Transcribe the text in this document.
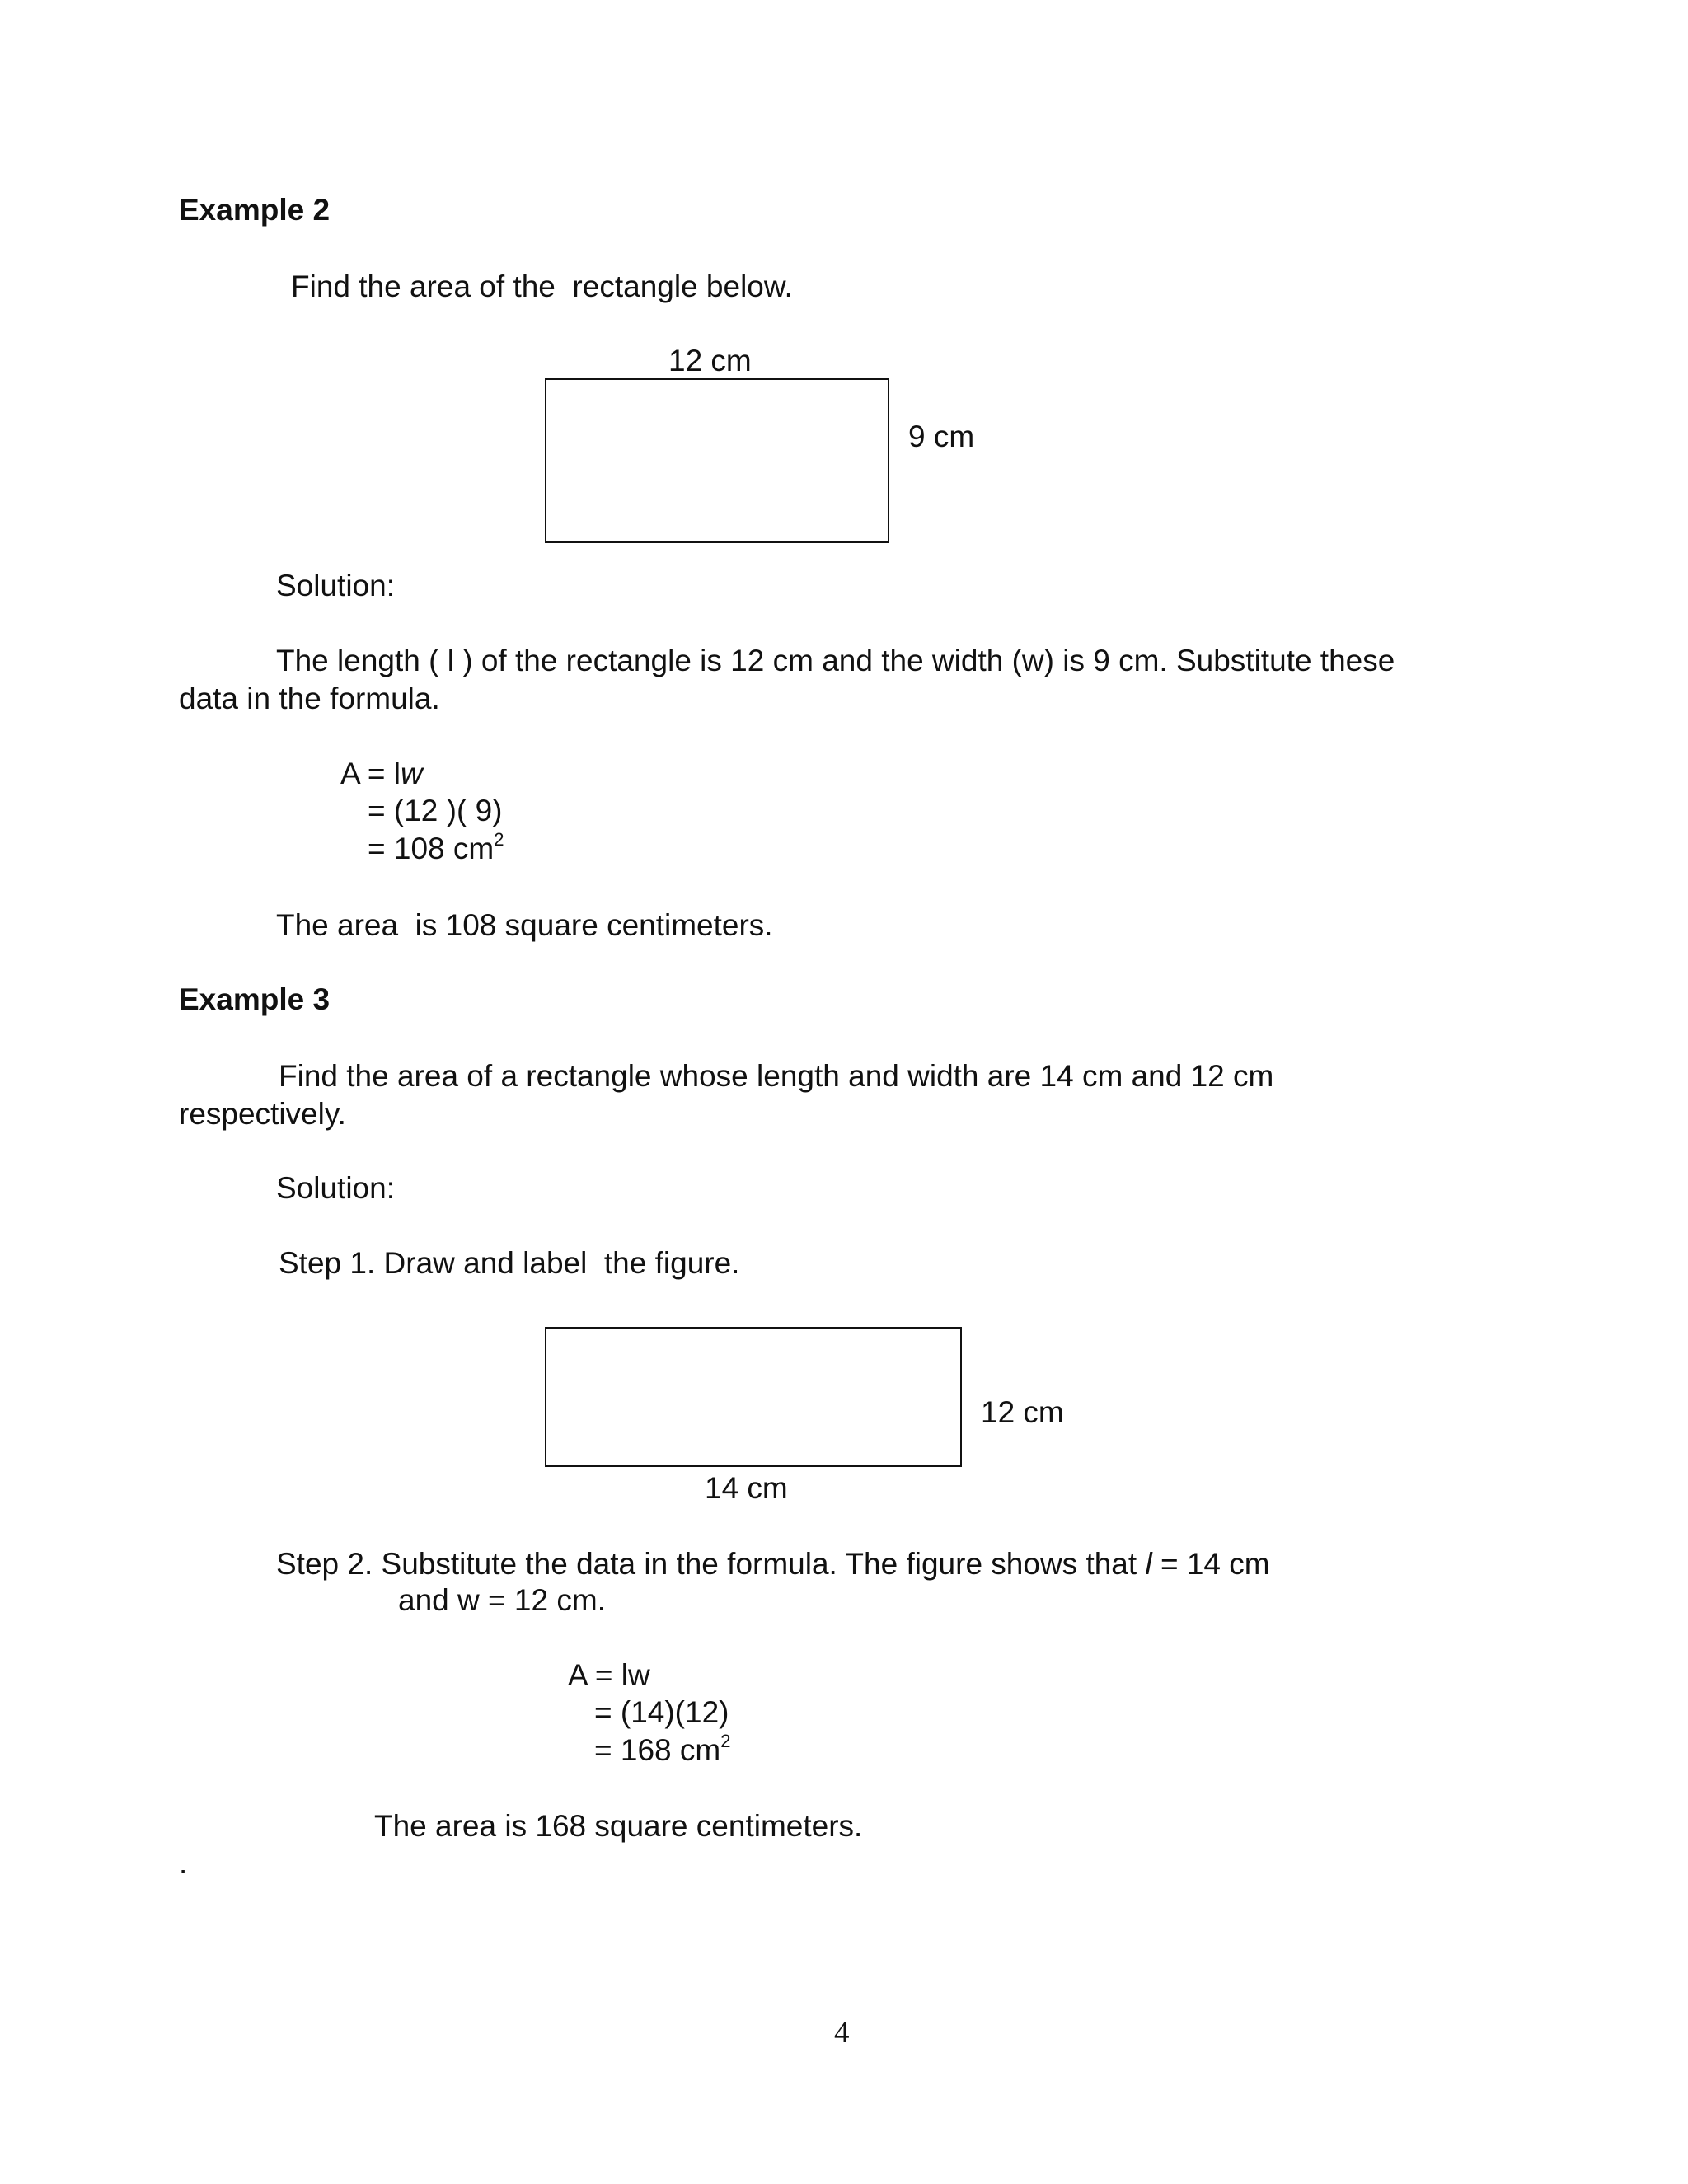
Example 2

Find the area of the  rectangle below.

12 cm

9 cm

Solution:

The length ( l ) of the rectangle is 12 cm and the width (w) is 9 cm. Substitute these

data in the formula.

A = lw
= (12 )( 9)
= 108 $cm^2$

The area  is 108 square centimeters.

Example 3

Find the area of a rectangle whose length and width are 14 cm and 12 cm

respectively.

Solution:

Step 1. Draw and label  the figure.

12 cm

14 cm

Step 2. Substitute the data in the formula. The figure shows that l = 14 cm

and w = 12 cm.

A = lw
= (14)(12)
= 168 $cm^2$

The area is 168 square centimeters.

.

4
